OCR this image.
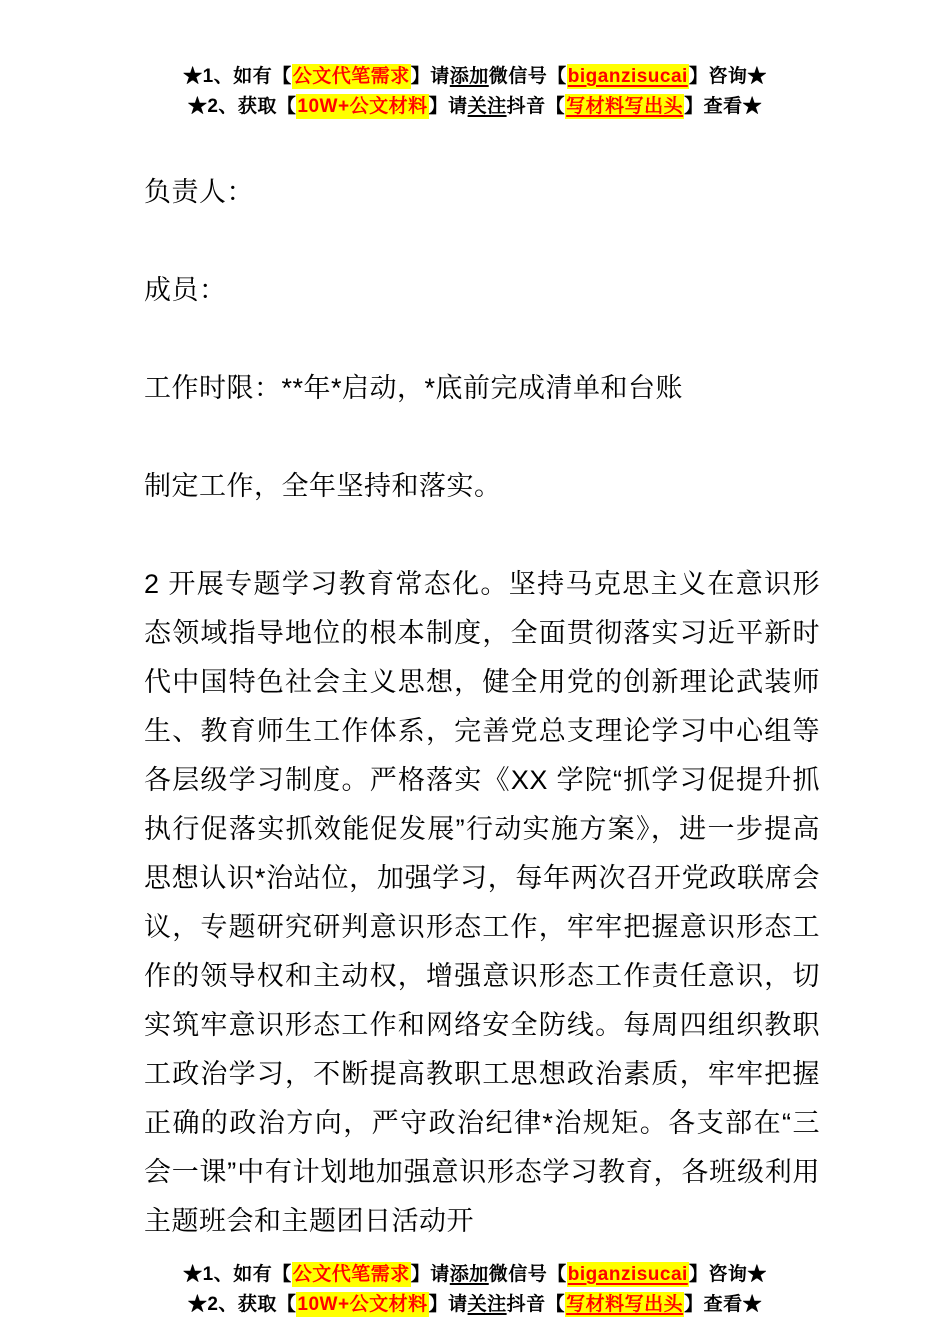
★1、如有【公文代笔需求】请添加微信号【biganzisucai】咨询★
★2、获取【10W+公文材料】请关注抖音【写材料写出头】查看★

负责人：

成员：

工作时限：**年*启动，*底前完成清单和台账

制定工作，全年坚持和落实。

2 开展专题学习教育常态化。坚持马克思主义在意识形态领域指导地位的根本制度，全面贯彻落实习近平新时代中国特色社会主义思想，健全用党的创新理论武装师生、教育师生工作体系，完善党总支理论学习中心组等各层级学习制度。严格落实《XX 学院“抓学习促提升抓执行促落实抓效能促发展”行动实施方案》，进一步提高思想认识*治站位，加强学习，每年两次召开党政联席会议，专题研究研判意识形态工作，牢牢把握意识形态工作的领导权和主动权，增强意识形态工作责任意识，切实筑牢意识形态工作和网络安全防线。每周四组织教职工政治学习，不断提高教职工思想政治素质，牢牢把握正确的政治方向，严守政治纪律*治规矩。各支部在“三会一课”中有计划地加强意识形态学习教育，各班级利用主题班会和主题团日活动开

★1、如有【公文代笔需求】请添加微信号【biganzisucai】咨询★
★2、获取【10W+公文材料】请关注抖音【写材料写出头】查看★
